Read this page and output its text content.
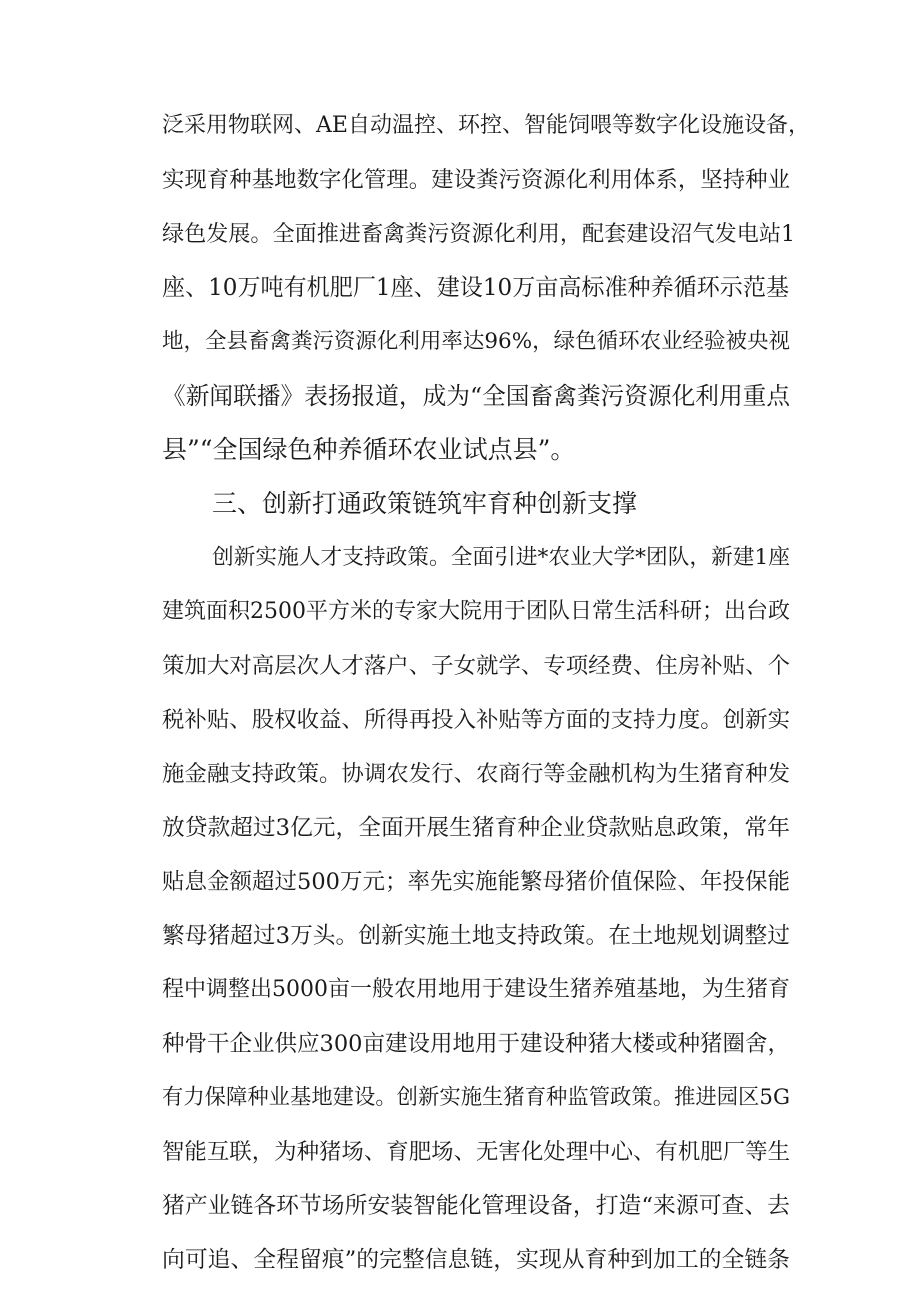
泛采用物联网、AE自动温控、环控、智能饲喂等数字化设施设备，
实现育种基地数字化管理。建设粪污资源化利用体系，坚持种业
绿色发展。全面推进畜禽粪污资源化利用，配套建设沼气发电站1
座、10万吨有机肥厂1座、建设10万亩高标准种养循环示范基
地，全县畜禽粪污资源化利用率达96%，绿色循环农业经验被央视
《新闻联播》表扬报道，成为“全国畜禽粪污资源化利用重点
县”“全国绿色种养循环农业试点县”。
三、创新打通政策链筑牢育种创新支撑
创新实施人才支持政策。全面引进*农业大学*团队，新建1座
建筑面积2500平方米的专家大院用于团队日常生活科研；出台政
策加大对高层次人才落户、子女就学、专项经费、住房补贴、个
税补贴、股权收益、所得再投入补贴等方面的支持力度。创新实
施金融支持政策。协调农发行、农商行等金融机构为生猪育种发
放贷款超过3亿元，全面开展生猪育种企业贷款贴息政策，常年
贴息金额超过500万元；率先实施能繁母猪价值保险、年投保能
繁母猪超过3万头。创新实施土地支持政策。在土地规划调整过
程中调整出5000亩一般农用地用于建设生猪养殖基地，为生猪育
种骨干企业供应300亩建设用地用于建设种猪大楼或种猪圈舍，
有力保障种业基地建设。创新实施生猪育种监管政策。推进园区5G
智能互联，为种猪场、育肥场、无害化处理中心、有机肥厂等生
猪产业链各环节场所安装智能化管理设备，打造“来源可查、去
向可追、全程留痕”的完整信息链，实现从育种到加工的全链条
